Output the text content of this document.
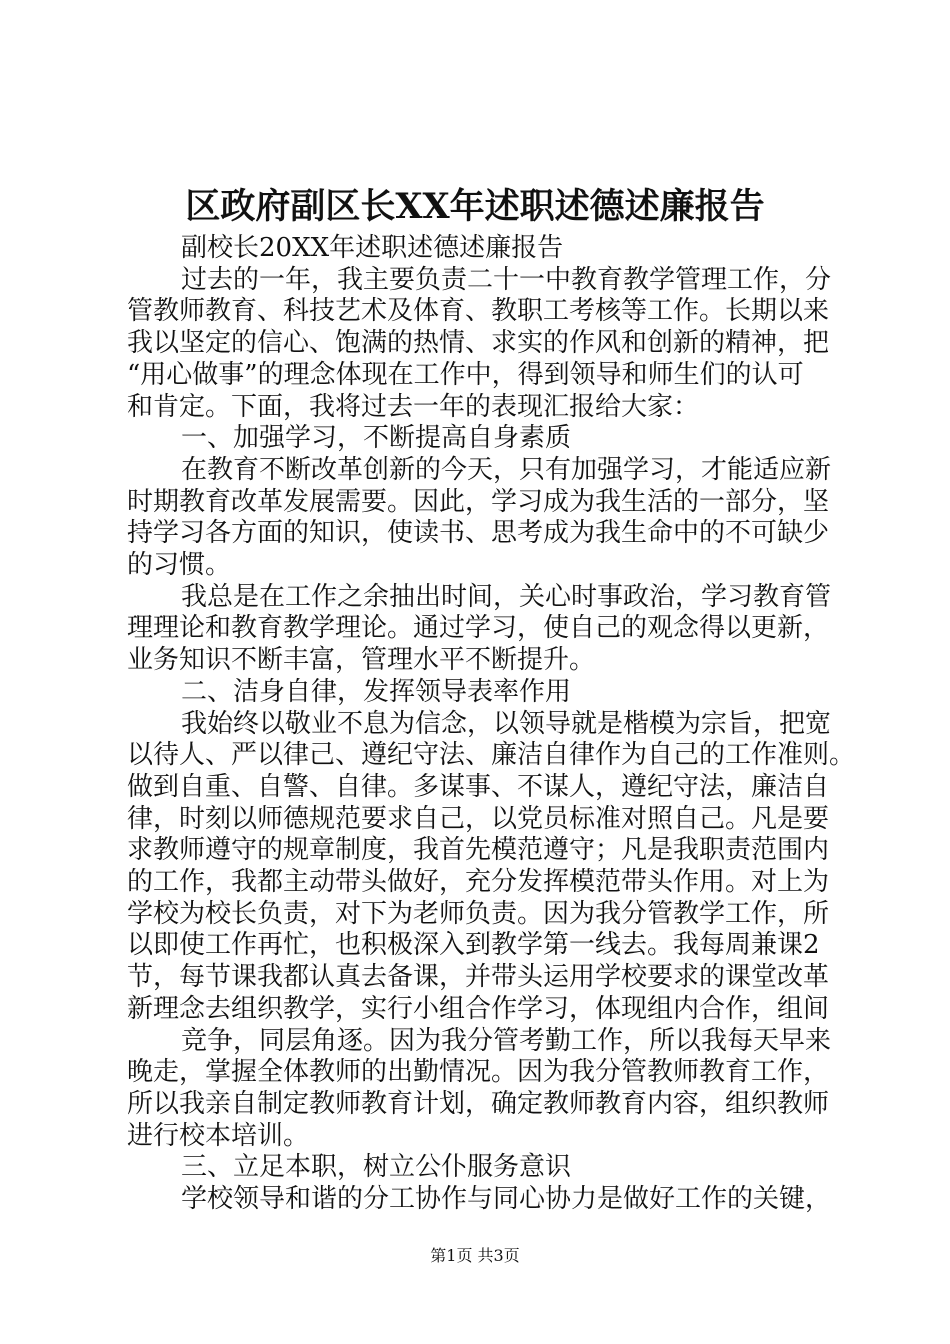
区政府副区长XX年述职述德述廉报告
副校长20XX年述职述德述廉报告
过去的一年，我主要负责二十一中教育教学管理工作，分
管教师教育、科技艺术及体育、教职工考核等工作。长期以来
我以坚定的信心、饱满的热情、求实的作风和创新的精神，把
“用心做事”的理念体现在工作中，得到领导和师生们的认可
和肯定。下面，我将过去一年的表现汇报给大家：
一、加强学习，不断提高自身素质
在教育不断改革创新的今天，只有加强学习，才能适应新
时期教育改革发展需要。因此，学习成为我生活的一部分，坚
持学习各方面的知识，使读书、思考成为我生命中的不可缺少
的习惯。
我总是在工作之余抽出时间，关心时事政治，学习教育管
理理论和教育教学理论。通过学习，使自己的观念得以更新，
业务知识不断丰富，管理水平不断提升。
二、洁身自律，发挥领导表率作用
我始终以敬业不息为信念，以领导就是楷模为宗旨，把宽
以待人、严以律己、遵纪守法、廉洁自律作为自己的工作准则。
做到自重、自警、自律。多谋事、不谋人，遵纪守法，廉洁自
律，时刻以师德规范要求自己，以党员标准对照自己。凡是要
求教师遵守的规章制度，我首先模范遵守；凡是我职责范围内
的工作，我都主动带头做好，充分发挥模范带头作用。对上为
学校为校长负责，对下为老师负责。因为我分管教学工作，所
以即使工作再忙，也积极深入到教学第一线去。我每周兼课2
节，每节课我都认真去备课，并带头运用学校要求的课堂改革
新理念去组织教学，实行小组合作学习，体现组内合作，组间
竞争，同层角逐。因为我分管考勤工作，所以我每天早来
晚走，掌握全体教师的出勤情况。因为我分管教师教育工作，
所以我亲自制定教师教育计划，确定教师教育内容，组织教师
进行校本培训。
三、立足本职，树立公仆服务意识
学校领导和谐的分工协作与同心协力是做好工作的关键，
第1页 共3页
